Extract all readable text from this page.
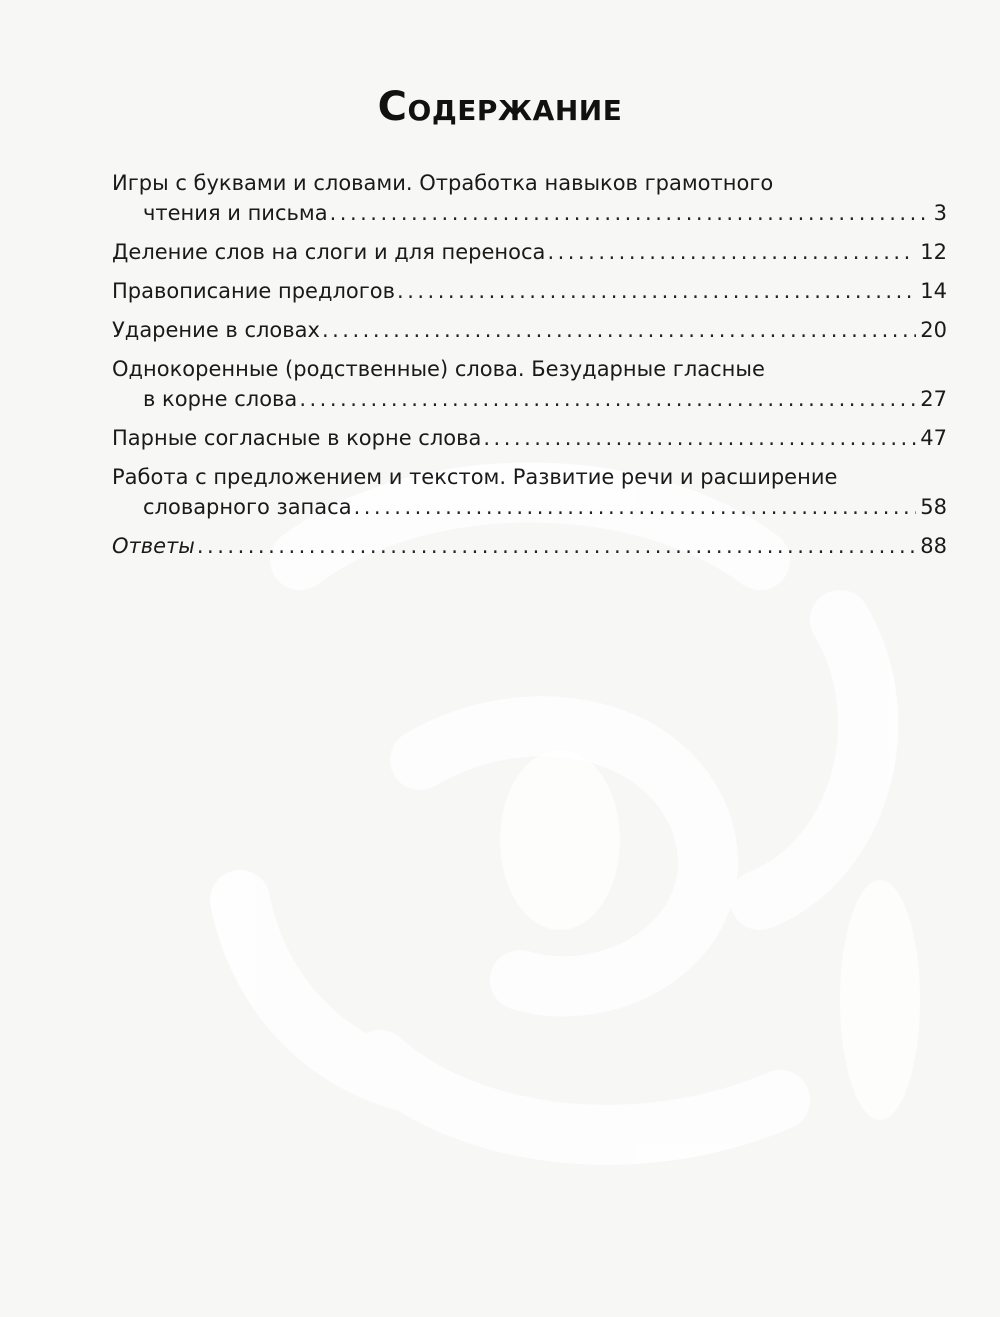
Содержание
Игры с буквами и словами. Отработка навыков грамотного
чтения и письма .....	3
Деление слов на слоги и для переноса .....	12
Правописание предлогов .....	14
Ударение в словах .....	20
Однокоренные (родственные) слова. Безударные гласные
в корне слова .....	27
Парные согласные в корне слова .....	47
Работа с предложением и текстом. Развитие речи и расширение
словарного запаса .....	58
Ответы .....	88
